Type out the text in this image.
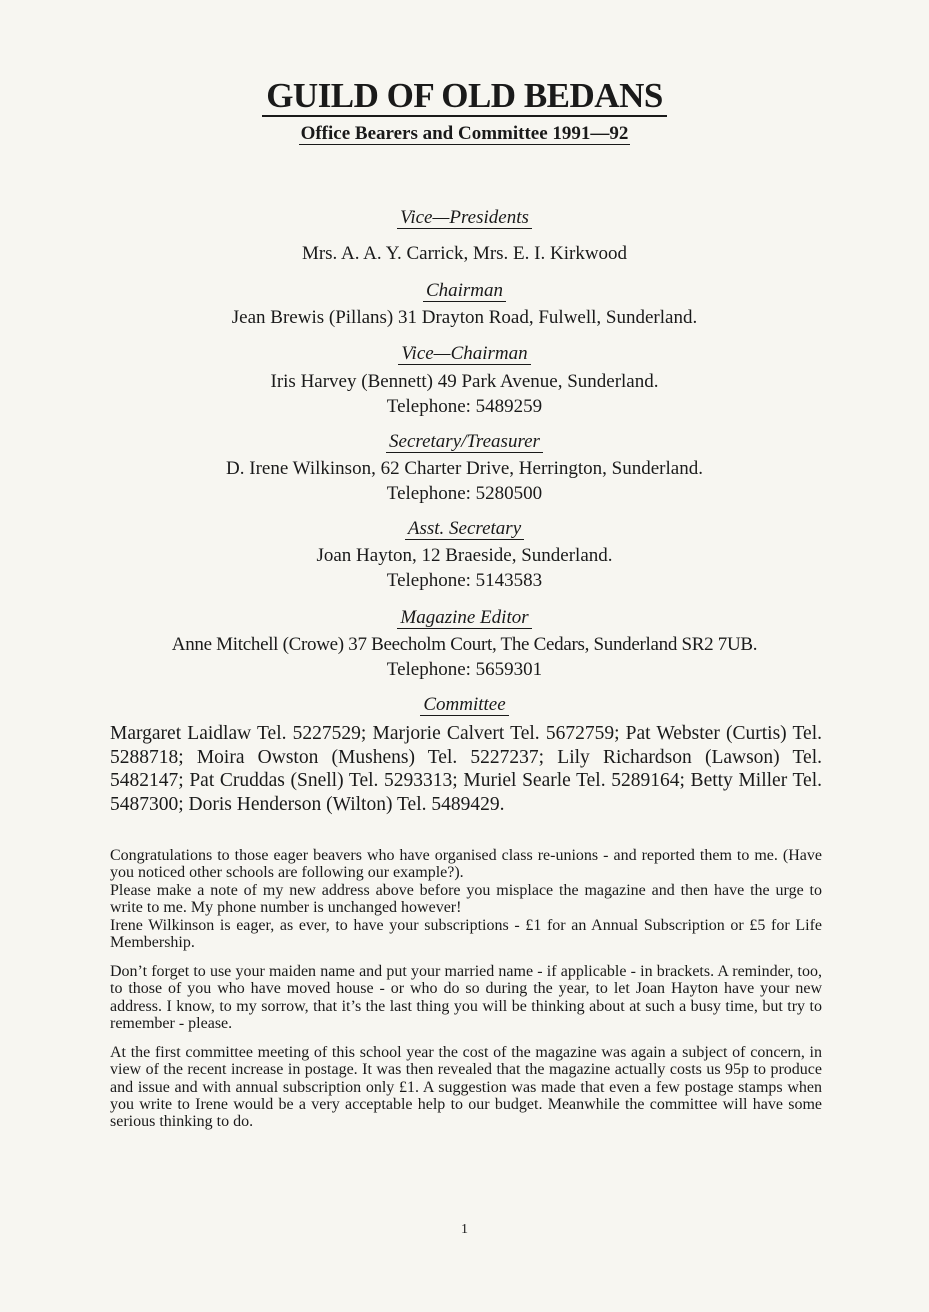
GUILD OF OLD BEDANS
Office Bearers and Committee 1991—92
Vice—Presidents
Mrs. A. A. Y. Carrick, Mrs. E. I. Kirkwood
Chairman
Jean Brewis (Pillans) 31 Drayton Road, Fulwell, Sunderland.
Vice—Chairman
Iris Harvey (Bennett) 49 Park Avenue, Sunderland.
Telephone: 5489259
Secretary/Treasurer
D. Irene Wilkinson, 62 Charter Drive, Herrington, Sunderland.
Telephone: 5280500
Asst. Secretary
Joan Hayton, 12 Braeside, Sunderland.
Telephone: 5143583
Magazine Editor
Anne Mitchell (Crowe) 37 Beecholm Court, The Cedars, Sunderland SR2 7UB.
Telephone: 5659301
Committee
Margaret Laidlaw Tel. 5227529; Marjorie Calvert Tel. 5672759; Pat Webster (Curtis) Tel. 5288718; Moira Owston (Mushens) Tel. 5227237; Lily Richardson (Lawson) Tel. 5482147; Pat Cruddas (Snell) Tel. 5293313; Muriel Searle Tel. 5289164; Betty Miller Tel. 5487300; Doris Henderson (Wilton) Tel. 5489429.

Congratulations to those eager beavers who have organised class re-unions - and reported them to me. (Have you noticed other schools are following our example?).

Please make a note of my new address above before you misplace the magazine and then have the urge to write to me. My phone number is unchanged however!

Irene Wilkinson is eager, as ever, to have your subscriptions - £1 for an Annual Subscription or £5 for Life Membership.

Don’t forget to use your maiden name and put your married name - if applicable - in brackets. A reminder, too, to those of you who have moved house - or who do so during the year, to let Joan Hayton have your new address. I know, to my sorrow, that it’s the last thing you will be thinking about at such a busy time, but try to remember - please.

At the first committee meeting of this school year the cost of the magazine was again a subject of concern, in view of the recent increase in postage. It was then revealed that the magazine actually costs us 95p to produce and issue and with annual subscription only £1. A suggestion was made that even a few postage stamps when you write to Irene would be a very acceptable help to our budget. Meanwhile the committee will have some serious thinking to do.

1
